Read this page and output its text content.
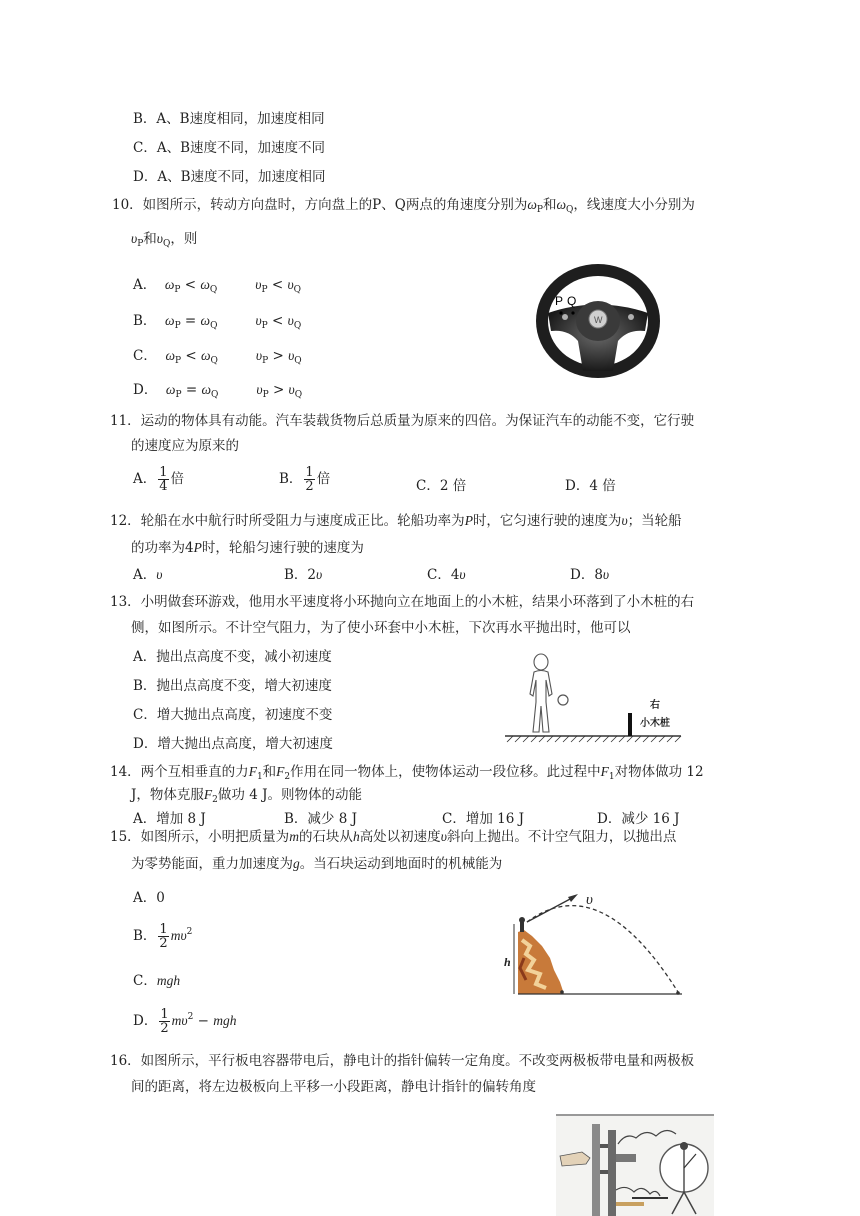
B．A、B速度相同，加速度相同
C．A、B速度不同，加速度不同
D．A、B速度不同，加速度相同
10．如图所示，转动方向盘时，方向盘上的P、Q两点的角速度分别为$\omega_P$和$\omega_Q$，线速度大小分别为
$\upsilon_P$和$\upsilon_Q$，则
A． $\omega_P < \omega_Q$	$\upsilon_P < \upsilon_Q$
B． $\omega_P = \omega_Q$	$\upsilon_P < \upsilon_Q$
C． $\omega_P < \omega_Q$	$\upsilon_P > \upsilon_Q$
D． $\omega_P = \omega_Q$	$\upsilon_P > \upsilon_Q$
W
P Q
11．运动的物体具有动能。汽车装载货物后总质量为原来的四倍。为保证汽车的动能不变，它行驶
的速度应为原来的
A． $\frac{1}{4}$ 倍	B． $\frac{1}{2}$ 倍	C．2 倍	D．4 倍
12．轮船在水中航行时所受阻力与速度成正比。轮船功率为P时，它匀速行驶的速度为υ；当轮船
的功率为4P时，轮船匀速行驶的速度为
A．υ	B．2υ	C．4υ	D．8υ
13．小明做套环游戏，他用水平速度将小环抛向立在地面上的小木桩，结果小环落到了小木桩的右
侧，如图所示。不计空气阻力，为了使小环套中小木桩，下次再水平抛出时，他可以
A．抛出点高度不变，减小初速度
B．抛出点高度不变，增大初速度
C．增大抛出点高度，初速度不变
D．增大抛出点高度，增大初速度
右
小木桩
14．两个互相垂直的力$F_1$和$F_2$作用在同一物体上，使物体运动一段位移。此过程中$F_1$对物体做功 12
J，物体克服$F_2$做功 4 J。则物体的动能
A．增加 8 J	B．减少 8 J	C．增加 16 J	D．减少 16 J
15．如图所示，小明把质量为m的石块从h高处以初速度υ斜向上抛出。不计空气阻力，以抛出点
为零势能面，重力加速度为g。当石块运动到地面时的机械能为
A．0
B． $\frac{1}{2} m\upsilon^2$
C．mgh
D． $\frac{1}{2} m\upsilon^2$ − mgh
υ
h
16．如图所示，平行板电容器带电后，静电计的指针偏转一定角度。不改变两极板带电量和两极板
间的距离，将左边极板向上平移一小段距离，静电计指针的偏转角度
